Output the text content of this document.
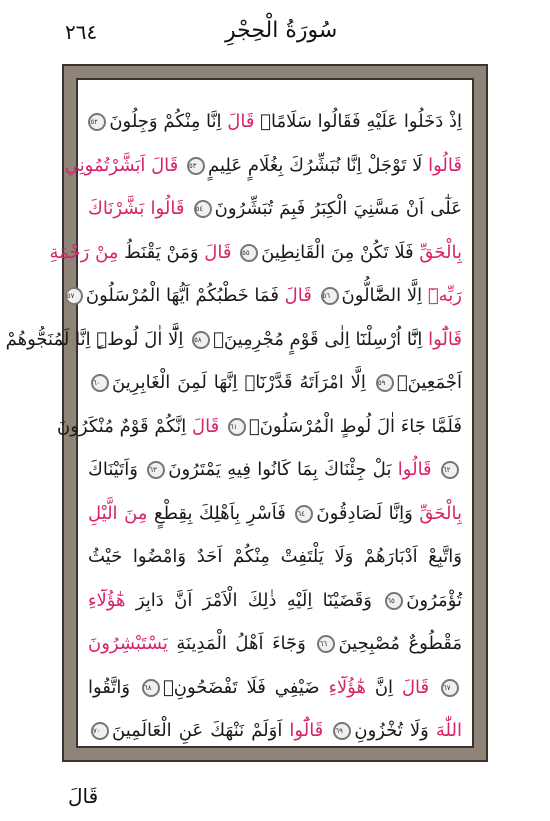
٢٦٤	سُورَةُ الْحِجْرِ
اِذْ دَخَلُوا عَلَيْهِ فَقَالُوا سَلَامًاۜ قَالَ اِنَّا مِنْكُمْ وَجِلُونَ٥٢
قَالُوا لَا تَوْجَلْ اِنَّا نُبَشِّرُكَ بِغُلَامٍ عَلِيمٍ٥٣ قَالَ اَبَشَّرْتُمُونِي
عَلٰٓى اَنْ مَسَّنِيَ الْكِبَرُ فَبِمَ تُبَشِّرُونَ٥٤ قَالُوا بَشَّرْنَاكَ
بِالْحَقِّ فَلَا تَكُنْ مِنَ الْقَانِطِينَ٥٥ قَالَ وَمَنْ يَقْنَطُ مِنْ رَحْمَةِ
رَبِّهٖٓ اِلَّا الضَّٓالُّونَ٥٦ قَالَ فَمَا خَطْبُكُمْ اَيُّهَا الْمُرْسَلُونَ٥٧
قَالُٓوا اِنَّٓا اُرْسِلْنَٓا اِلٰى قَوْمٍ مُجْرِمِينَۙ٥٨ اِلَّٓا اٰلَ لُوطٍۜ اِنَّا لَمُنَجُّوهُمْ
اَجْمَعِينَۙ٥٩ اِلَّا امْرَاَتَهُ قَدَّرْنَٓاۙ اِنَّهَا لَمِنَ الْغَابِرِينَ٦٠
فَلَمَّا جَٓاءَ اٰلَ لُوطٍ الْمُرْسَلُونَۙ٦١ قَالَ اِنَّكُمْ قَوْمٌ مُنْكَرُونَ
٦٢ قَالُوا بَلْ جِئْنَاكَ بِمَا كَانُوا فِيهِ يَمْتَرُونَ٦٣ وَاَتَيْنَاكَ
بِالْحَقِّ وَاِنَّا لَصَادِقُونَ٦٤ فَاَسْرِ بِاَهْلِكَ بِقِطْعٍ مِنَ الَّيْلِ
وَاتَّبِعْ اَدْبَارَهُمْ وَلَا يَلْتَفِتْ مِنْكُمْ اَحَدٌ وَامْضُوا حَيْثُ
تُؤْمَرُونَ٦٥ وَقَضَيْنَٓا اِلَيْهِ ذٰلِكَ الْاَمْرَ اَنَّ دَابِرَ هٰٓؤُلَٓاءِ
مَقْطُوعٌ مُصْبِحِينَ٦٦ وَجَٓاءَ اَهْلُ الْمَدِينَةِ يَسْتَبْشِرُونَ
٦٧ قَالَ اِنَّ هٰٓؤُلَٓاءِ ضَيْفِي فَلَا تَفْضَحُونِۙ٦٨ وَاتَّقُوا
اللّٰهَ وَلَا تُخْزُونِ٦٩ قَالُٓوا اَوَلَمْ نَنْهَكَ عَنِ الْعَالَمِينَ٧٠
قَالَ
